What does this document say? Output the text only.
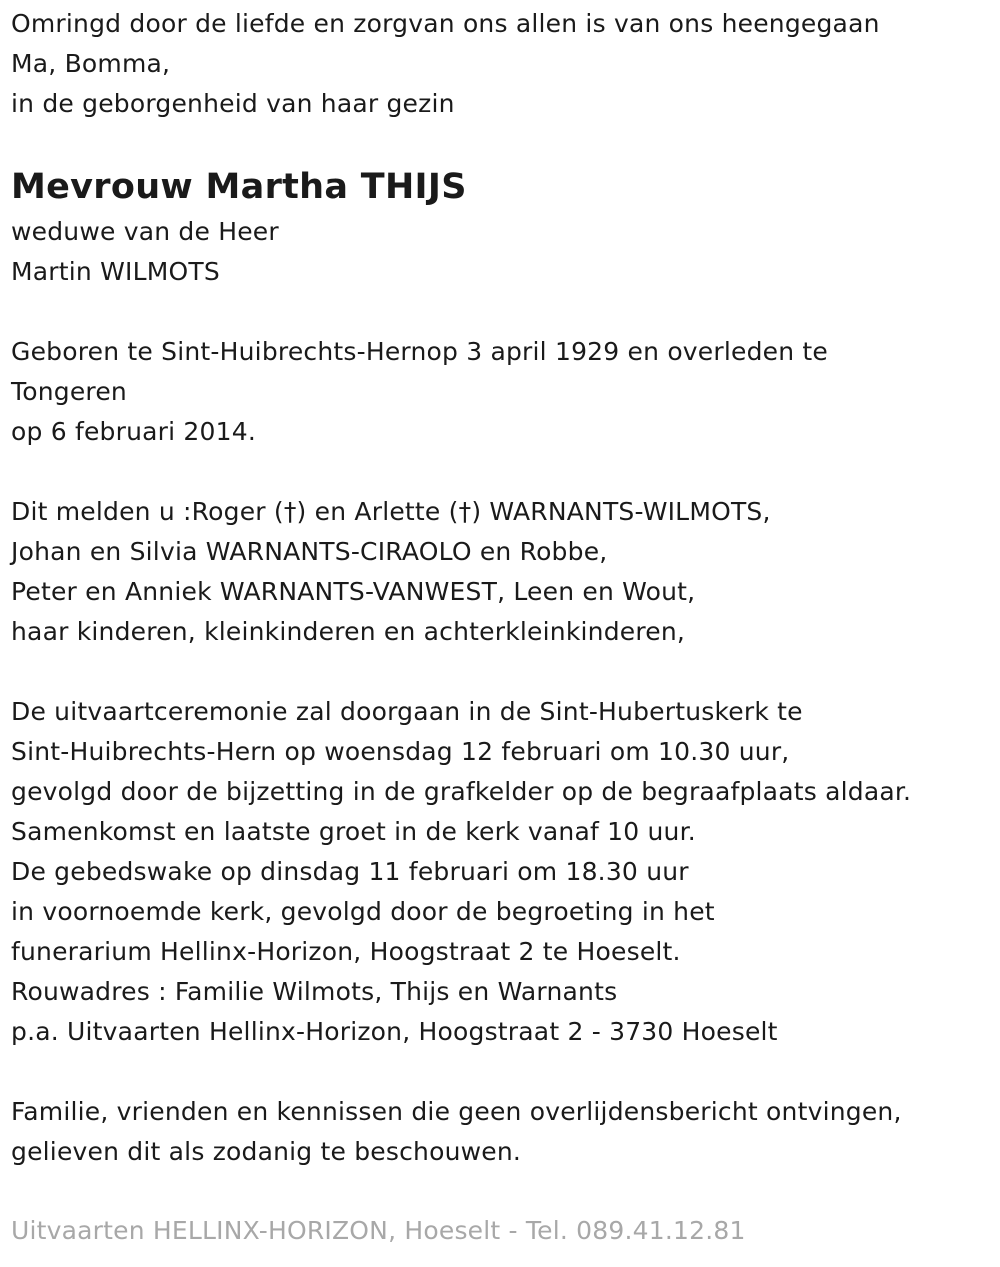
Omringd door de liefde en zorgvan ons allen is van ons heengegaan
Ma, Bomma,
in de geborgenheid van haar gezin
Mevrouw Martha THIJS
weduwe van de Heer
Martin WILMOTS
Geboren te Sint-Huibrechts-Hernop 3 april 1929 en overleden te
Tongeren
op 6 februari 2014.
Dit melden u :Roger (†) en Arlette (†) WARNANTS-WILMOTS,
Johan en Silvia WARNANTS-CIRAOLO en Robbe,
Peter en Anniek WARNANTS-VANWEST, Leen en Wout,
haar kinderen, kleinkinderen en achterkleinkinderen,
De uitvaartceremonie zal doorgaan in de Sint-Hubertuskerk te
Sint-Huibrechts-Hern op woensdag 12 februari om 10.30 uur,
gevolgd door de bijzetting in de grafkelder op de begraafplaats aldaar.
Samenkomst en laatste groet in de kerk vanaf 10 uur.
De gebedswake op dinsdag 11 februari om 18.30 uur
in voornoemde kerk, gevolgd door de begroeting in het
funerarium Hellinx-Horizon, Hoogstraat 2 te Hoeselt.
Rouwadres : Familie Wilmots, Thijs en Warnants
p.a. Uitvaarten Hellinx-Horizon, Hoogstraat 2 - 3730 Hoeselt
Familie, vrienden en kennissen die geen overlijdensbericht ontvingen,
gelieven dit als zodanig te beschouwen.
Uitvaarten HELLINX-HORIZON, Hoeselt - Tel. 089.41.12.81
